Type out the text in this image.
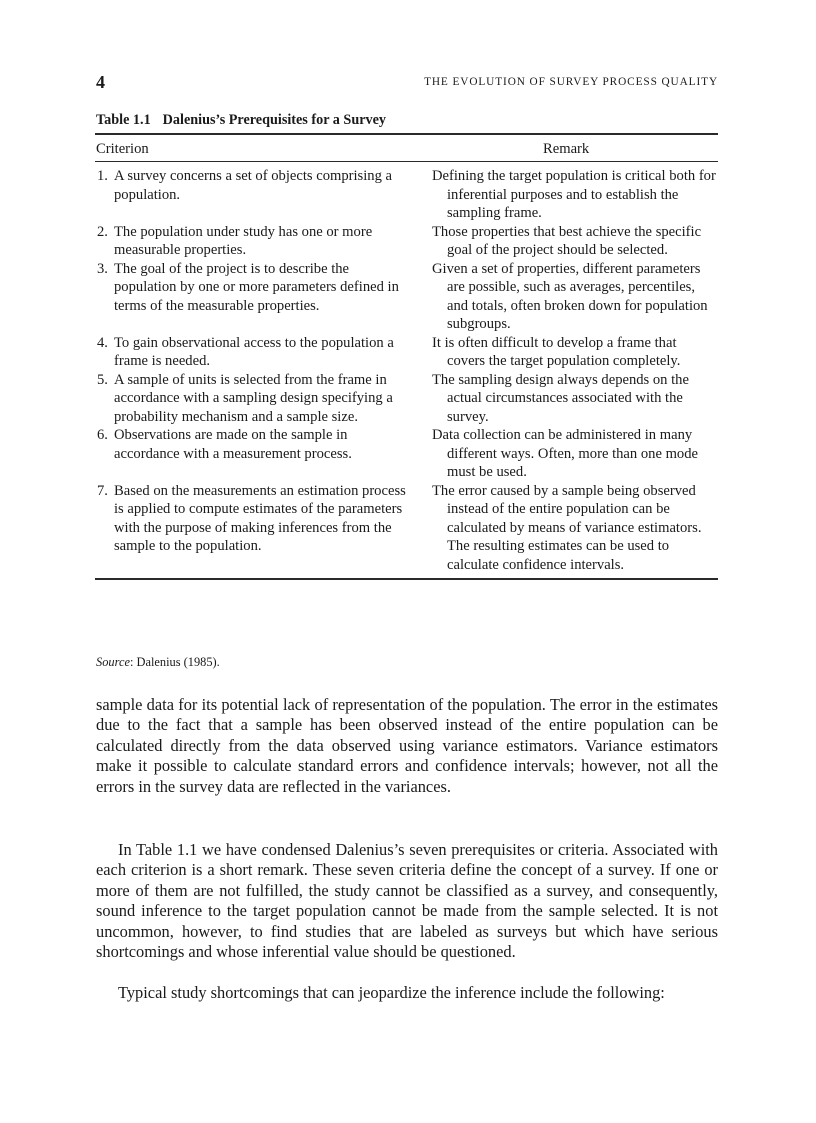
4	THE EVOLUTION OF SURVEY PROCESS QUALITY
Table 1.1 Dalenius’s Prerequisites for a Survey
Criterion	Remark
1. A survey concerns a set of objects comprising a population.
Defining the target population is critical both for inferential purposes and to establish the sampling frame.
2. The population under study has one or more measurable properties.
Those properties that best achieve the specific goal of the project should be selected.
3. The goal of the project is to describe the population by one or more parameters defined in terms of the measurable properties.
Given a set of properties, different parameters are possible, such as averages, percentiles, and totals, often broken down for population subgroups.
4. To gain observational access to the population a frame is needed.
It is often difficult to develop a frame that covers the target population completely.
5. A sample of units is selected from the frame in accordance with a sampling design specifying a probability mechanism and a sample size.
The sampling design always depends on the actual circumstances associated with the survey.
6. Observations are made on the sample in accordance with a measurement process.
Data collection can be administered in many different ways. Often, more than one mode must be used.
7. Based on the measurements an estimation process is applied to compute estimates of the parameters with the purpose of making inferences from the sample to the population.
The error caused by a sample being observed instead of the entire population can be calculated by means of variance estimators. The resulting estimates can be used to calculate confidence intervals.
Source: Dalenius (1985).

sample data for its potential lack of representation of the population. The error in the estimates due to the fact that a sample has been observed instead of the entire population can be calculated directly from the data observed using variance estimators. Variance estimators make it possible to calculate standard errors and confidence intervals; however, not all the errors in the survey data are reflected in the variances.

In Table 1.1 we have condensed Dalenius’s seven prerequisites or criteria. Associated with each criterion is a short remark. These seven criteria define the concept of a survey. If one or more of them are not fulfilled, the study cannot be classified as a survey, and consequently, sound inference to the target population cannot be made from the sample selected. It is not uncommon, however, to find studies that are labeled as surveys but which have serious shortcomings and whose inferential value should be questioned.

Typical study shortcomings that can jeopardize the inference include the following:
